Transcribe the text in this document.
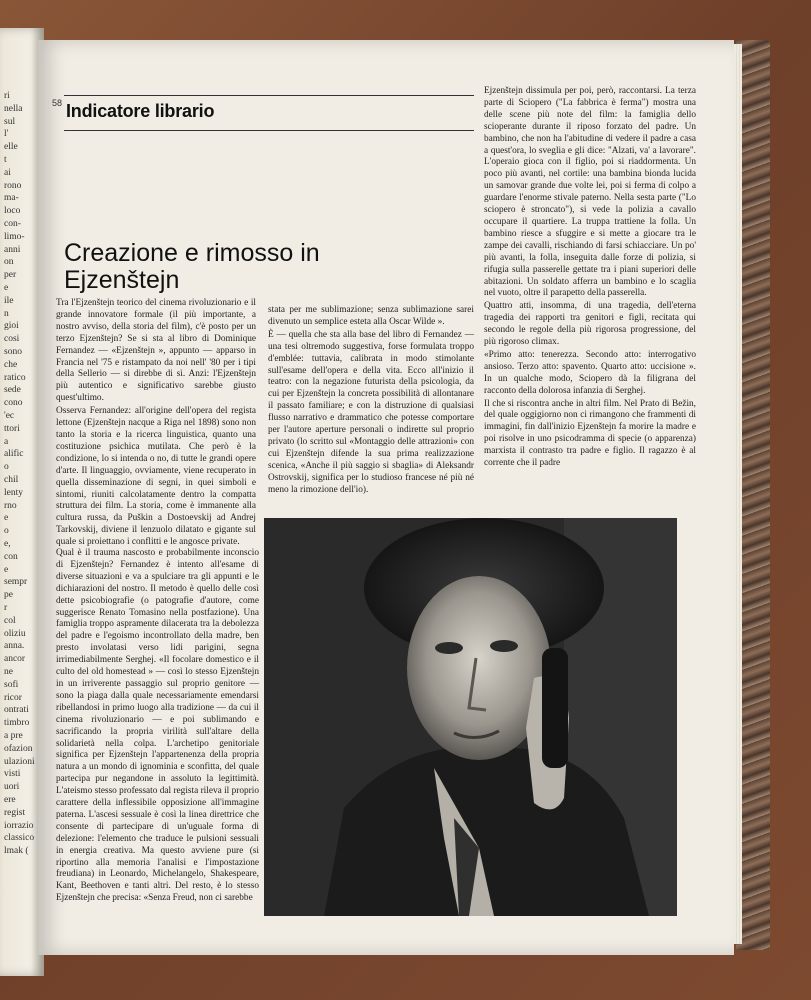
ri
nella
sul
l'
elle
t
ai
rono
ma-
loco
con-
limo-
anni
on
per
e
ile
n
gioi
cosi
sono
che
ratico
sede
cono
'ec
ttori
a
alific
o
chil
lenty
rno
e
o
e,
con
e
sempr
pe
r
col
oliziu
anna.
ancor
ne
sofi
ricor
ontrati
timbro
a pre
ofazion
ulazioni
visti
uori
ere
regist
iorrazio
classico
lmak (
58 Indicatore librario
Creazione e rimosso in Ejzenštejn

Tra l'Ejzenštejn teorico del cinema rivoluzionario e il grande innovatore formale (il più importante, a nostro avviso, della storia del film), c'è posto per un terzo Ejzenštejn? Se si sta al libro di Dominique Fernandez — «Ejzenštejn », appunto — apparso in Francia nel '75 e ristampato da noi nell' '80 per i tipi della Sellerio — si direbbe di sì. Anzi: l'Ejzenštejn più autentico e significativo sarebbe giusto quest'ultimo.

Osserva Fernandez: all'origine dell'opera del regista lettone (Ejzenštejn nacque a Riga nel 1898) sono non tanto la storia e la ricerca linguistica, quanto una costituzione psichica mutilata. Che però è la condizione, lo si intenda o no, di tutte le grandi opere d'arte. Il linguaggio, ovviamente, viene recuperato in quella disseminazione di segni, in quei simboli e sintomi, riuniti calcolatamente dentro la compatta struttura dei film. La storia, come è immanente alla cultura russa, da Puškin a Dostoevskij ad Andrej Tarkovskij, diviene il lenzuolo dilatato e gigante sul quale si proiettano i conflitti e le angosce private.

Qual è il trauma nascosto e probabilmente inconscio di Ejzenštejn? Fernandez è intento all'esame di diverse situazioni e va a spulciare tra gli appunti e le dichiarazioni del nostro. Il metodo è quello delle così dette psicobiografie (o patografie d'autore, come suggerisce Renato Tomasino nella postfazione). Una famiglia troppo aspramente dilacerata tra la debolezza del padre e l'egoismo incontrollato della madre, ben presto involatasi verso lidi parigini, segna irrimediabilmente Serghej. «Il focolare domestico e il culto del old homestead » — così lo stesso Ejzenštejn in un irriverente passaggio sul proprio genitore — sono la piaga dalla quale necessariamente emendarsi ribellandosi in primo luogo alla tradizione — da cui il cinema rivoluzionario — e poi sublimando e sacrificando la propria virilità sull'altare della solidarietà nella colpa. L'archetipo genitoriale significa per Ejzenštejn l'appartenenza della propria natura a un mondo di ignominia e sconfitta, del quale partecipa pur negandone in assoluto la legittimità. L'ateismo stesso professato dal regista rileva il proprio carattere della inflessibile opposizione all'immagine paterna. L'ascesi sessuale è così la linea direttrice che consente di partecipare di un'uguale forma di delezione: l'elemento che traduce le pulsioni sessuali in energia creativa. Ma questo avviene pure (si riportino alla memoria l'analisi e l'impostazione freudiana) in Leonardo, Michelangelo, Shakespeare, Kant, Beethoven e tanti altri. Del resto, è lo stesso Ejzenštejn che precisa: «Senza Freud, non ci sarebbe

stata per me sublimazione; senza sublimazione sarei divenuto un semplice esteta alla Oscar Wilde ».

È — quella che sta alla base del libro di Fernandez — una tesi oltremodo suggestiva, forse formulata troppo d'emblée: tuttavia, calibrata in modo stimolante sull'esame dell'opera e della vita. Ecco all'inizio il teatro: con la negazione futurista della psicologia, da cui per Ejzenštejn la concreta possibilità di allontanare il passato familiare; e con la distruzione di qualsiasi flusso narrativo e drammatico che potesse comportare per l'autore aperture personali o indirette sul proprio privato (lo scritto sul «Montaggio delle attrazioni» con cui Ejzenštejn difende la sua prima realizzazione scenica, «Anche il più saggio si sbaglia» di Aleksandr Ostrovskij, significa per lo studioso francese né più né meno la rimozione dell'io).

Ejzenštejn dissimula per poi, però, raccontarsi. La terza parte di Sciopero ("La fabbrica è ferma") mostra una delle scene più note del film: la famiglia dello scioperante durante il riposo forzato del padre. Un bambino, che non ha l'abitudine di vedere il padre a casa a quest'ora, lo sveglia e gli dice: "Alzati, va' a lavorare". L'operaio gioca con il figlio, poi si riaddormenta. Un poco più avanti, nel cortile: una bambina bionda lucida un samovar grande due volte lei, poi si ferma di colpo a guardare l'enorme stivale paterno. Nella sesta parte ("Lo sciopero è stroncato"), si vede la polizia a cavallo occupare il quartiere. La truppa trattiene la folla. Un bambino riesce a sfuggire e si mette a giocare tra le zampe dei cavalli, rischiando di farsi schiacciare. Un po' più avanti, la folla, inseguita dalle forze di polizia, si rifugia sulla passerelle gettate tra i piani superiori delle abitazioni. Un soldato afferra un bambino e lo scaglia nel vuoto, oltre il parapetto della passerella.

Quattro atti, insomma, di una tragedia, dell'eterna tragedia dei rapporti tra genitori e figli, recitata qui secondo le regole della più rigorosa progressione, del più rigoroso climax.

«Primo atto: tenerezza. Secondo atto: interrogativo ansioso. Terzo atto: spavento. Quarto atto: uccisione ». In un qualche modo, Sciopero dà la filigrana del racconto della dolorosa infanzia di Serghej.

Il che si riscontra anche in altri film. Nel Prato di Bežin, del quale oggigiorno non ci rimangono che frammenti di immagini, fin dall'inizio Ejzenštejn fa morire la madre e poi risolve in uno psicodramma di specie (o apparenza) marxista il contrasto tra padre e figlio. Il ragazzo è al corrente che il padre
